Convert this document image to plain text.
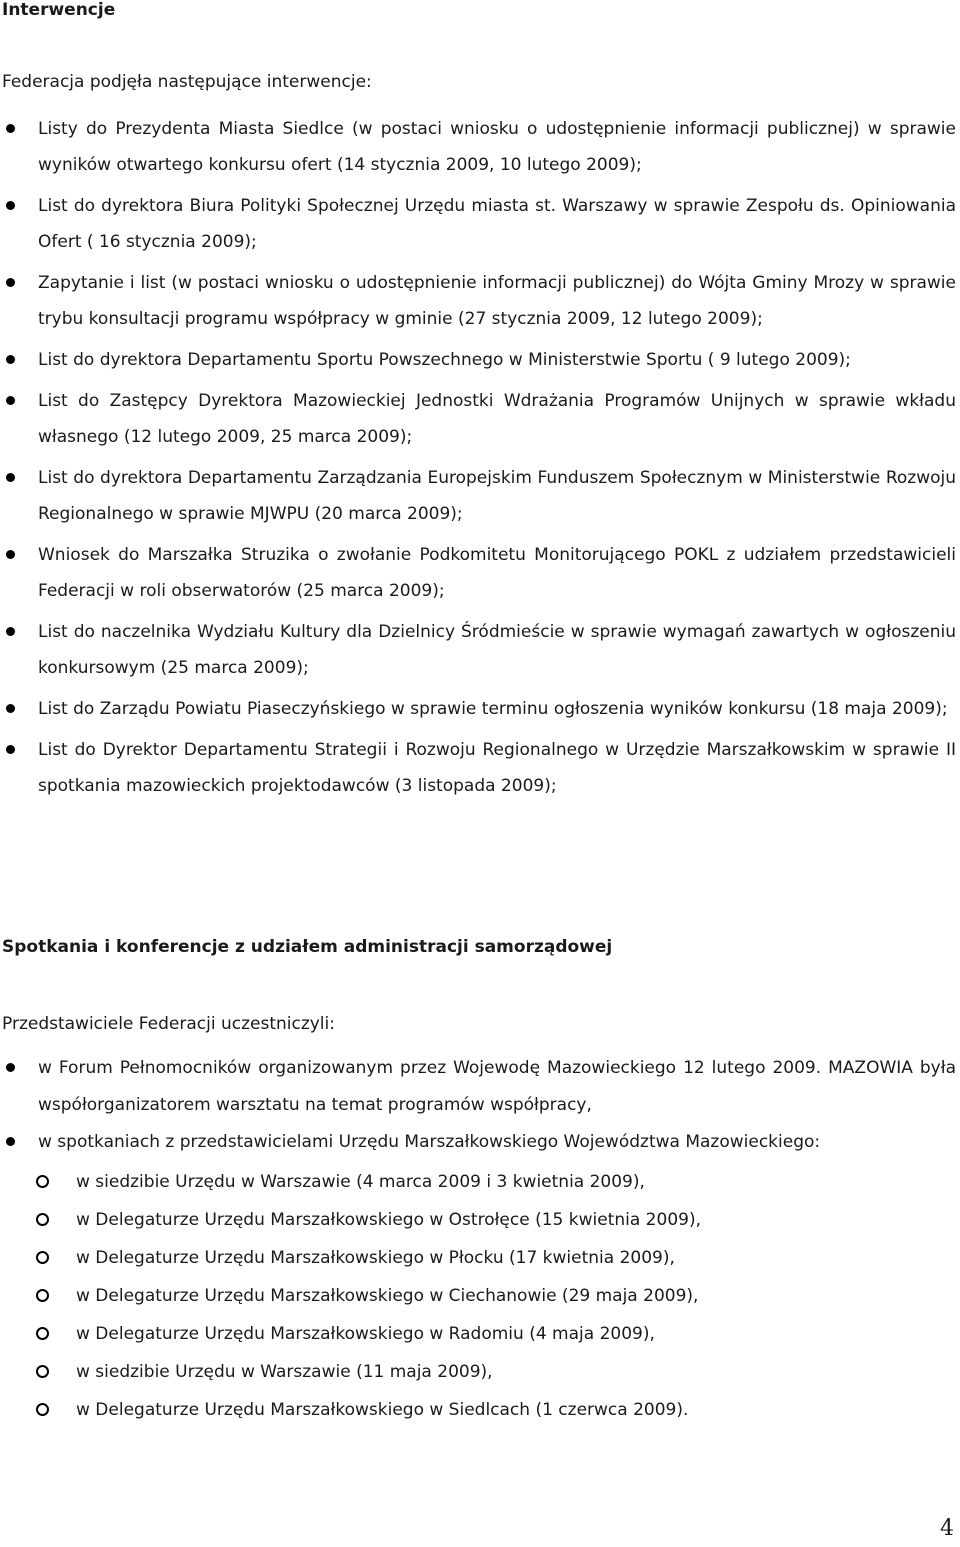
Interwencje
Federacja podjęła następujące interwencje:
Listy do Prezydenta Miasta Siedlce (w postaci wniosku o udostępnienie informacji publicznej) w sprawie wyników otwartego konkursu ofert (14 stycznia 2009, 10 lutego 2009);
List do dyrektora Biura Polityki Społecznej Urzędu miasta st. Warszawy w sprawie Zespołu ds. Opiniowania Ofert ( 16 stycznia 2009);
Zapytanie i list (w postaci wniosku o udostępnienie informacji publicznej) do Wójta Gminy Mrozy w sprawie trybu konsultacji programu współpracy w gminie (27 stycznia 2009, 12 lutego 2009);
List do dyrektora Departamentu Sportu Powszechnego w Ministerstwie Sportu ( 9 lutego 2009);
List do Zastępcy Dyrektora Mazowieckiej Jednostki Wdrażania Programów Unijnych w sprawie wkładu własnego (12 lutego 2009, 25 marca 2009);
List do dyrektora Departamentu Zarządzania Europejskim Funduszem Społecznym w Ministerstwie Rozwoju Regionalnego w sprawie MJWPU (20 marca 2009);
Wniosek do Marszałka Struzika o zwołanie Podkomitetu Monitorującego POKL z udziałem przedstawicieli Federacji w roli obserwatorów (25 marca 2009);
List do naczelnika Wydziału Kultury dla Dzielnicy Śródmieście w sprawie wymagań zawartych w ogłoszeniu konkursowym (25 marca 2009);
List do Zarządu Powiatu Piaseczyńskiego w sprawie terminu ogłoszenia wyników konkursu (18 maja 2009);
List do Dyrektor Departamentu Strategii i Rozwoju Regionalnego w Urzędzie Marszałkowskim w sprawie II spotkania mazowieckich projektodawców (3 listopada 2009);
Spotkania i konferencje z udziałem administracji samorządowej
Przedstawiciele Federacji uczestniczyli:
w Forum Pełnomocników organizowanym przez Wojewodę Mazowieckiego 12 lutego 2009. MAZOWIA była współorganizatorem warsztatu na temat programów współpracy,
w spotkaniach z przedstawicielami Urzędu Marszałkowskiego Województwa Mazowieckiego:
w siedzibie Urzędu w Warszawie (4 marca 2009 i 3 kwietnia 2009),
w Delegaturze Urzędu Marszałkowskiego w Ostrołęce (15 kwietnia 2009),
w Delegaturze Urzędu Marszałkowskiego w Płocku (17 kwietnia 2009),
w Delegaturze Urzędu Marszałkowskiego w Ciechanowie (29 maja 2009),
w Delegaturze Urzędu Marszałkowskiego w Radomiu (4 maja 2009),
w siedzibie Urzędu w Warszawie (11 maja 2009),
w Delegaturze Urzędu Marszałkowskiego w Siedlcach (1 czerwca 2009).
4
